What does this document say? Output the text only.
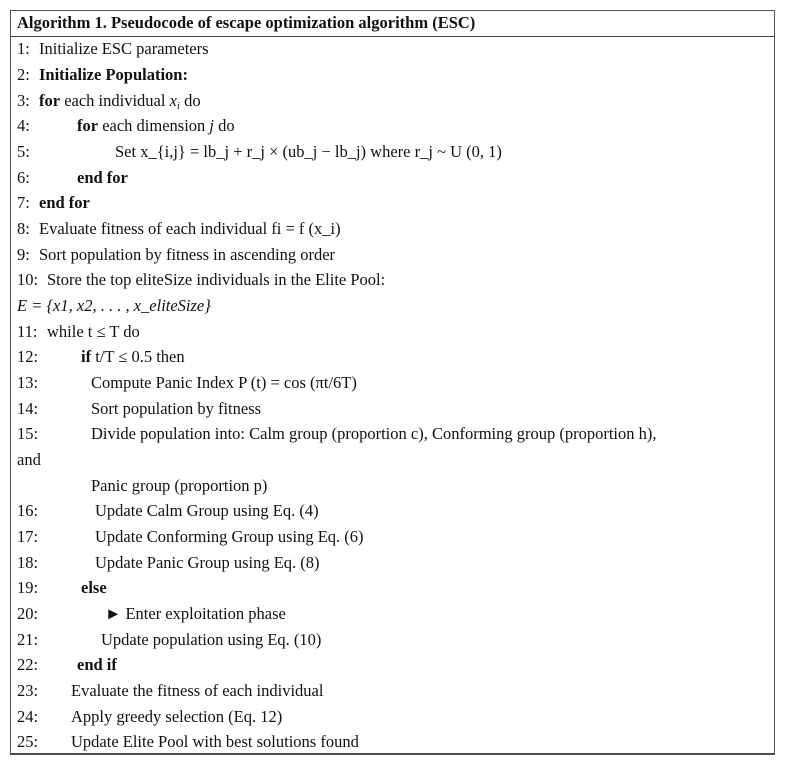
Algorithm 1. Pseudocode of escape optimization algorithm (ESC)
1: Initialize ESC parameters
2: Initialize Population:
3: for each individual $x_i$ do
4:	for each dimension j do
5:	Set x_{i,j} = lb_j + r_j × (ub_j − lb_j) where r_j ~ U (0, 1)
6:	end for
7: end for
8: Evaluate fitness of each individual fi = f (x_i)
9: Sort population by fitness in ascending order
10: Store the top eliteSize individuals in the Elite Pool:
E = {x1, x2, . . . , x_eliteSize}
11: while t ≤ T do
12:	if t/T ≤ 0.5 then
13:	Compute Panic Index P (t) = cos (πt/6T)
14:	Sort population by fitness
15:	Divide population into: Calm group (proportion c), Conforming group (proportion h),
and
Panic group (proportion p)
16:	Update Calm Group using Eq. (4)
17:	Update Conforming Group using Eq. (6)
18:	Update Panic Group using Eq. (8)
19:	else
20:	► Enter exploitation phase
21:	Update population using Eq. (10)
22: end if
23: Evaluate the fitness of each individual
24: Apply greedy selection (Eq. 12)
25: Update Elite Pool with best solutions found
